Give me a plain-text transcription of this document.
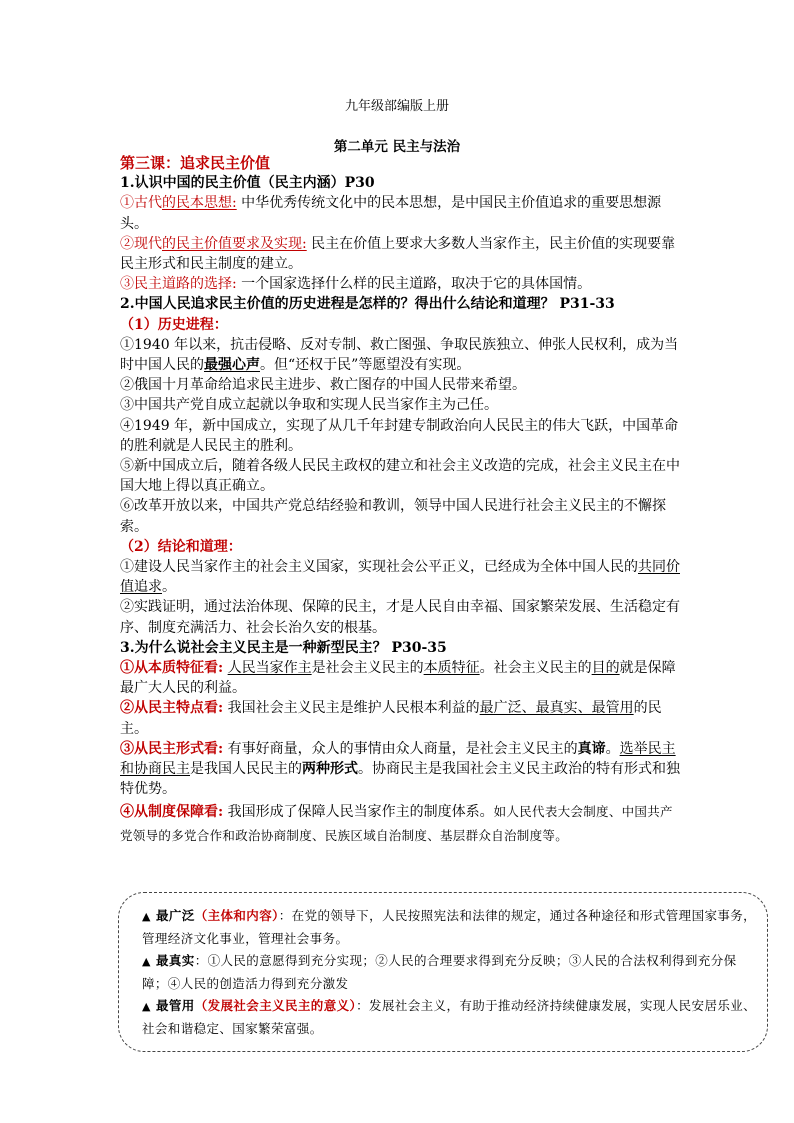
九年级部编版上册
第二单元 民主与法治

第三课：追求民主价值

1.认识中国的民主价值（民主内涵）P30

①古代的民本思想: 中华优秀传统文化中的民本思想，是中国民主价值追求的重要思想源头。

②现代的民主价值要求及实现: 民主在价值上要求大多数人当家作主，民主价值的实现要靠民主形式和民主制度的建立。

③民主道路的选择: 一个国家选择什么样的民主道路，取决于它的具体国情。

2.中国人民追求民主价值的历史进程是怎样的？得出什么结论和道理？ P31-33

（1）历史进程：

①1940 年以来，抗击侵略、反对专制、救亡图强、争取民族独立、伸张人民权利，成为当时中国人民的最强心声。但“还权于民”等愿望没有实现。

②俄国十月革命给追求民主进步、救亡图存的中国人民带来希望。

③中国共产党自成立起就以争取和实现人民当家作主为己任。

④1949 年，新中国成立，实现了从几千年封建专制政治向人民民主的伟大飞跃，中国革命的胜利就是人民民主的胜利。

⑤新中国成立后，随着各级人民民主政权的建立和社会主义改造的完成，社会主义民主在中国大地上得以真正确立。

⑥改革开放以来，中国共产党总结经验和教训，领导中国人民进行社会主义民主的不懈探索。

（2）结论和道理：

①建设人民当家作主的社会主义国家，实现社会公平正义，已经成为全体中国人民的共同价值追求。

②实践证明，通过法治体现、保障的民主，才是人民自由幸福、国家繁荣发展、生活稳定有序、制度充满活力、社会长治久安的根基。

3.为什么说社会主义民主是一种新型民主？ P30-35

①从本质特征看: 人民当家作主是社会主义民主的本质特征。社会主义民主的目的就是保障最广大人民的利益。

②从民主特点看: 我国社会主义民主是维护人民根本利益的最广泛、最真实、最管用的民主。

③从民主形式看: 有事好商量，众人的事情由众人商量，是社会主义民主的真谛。选举民主和协商民主是我国人民民主的两种形式。协商民主是我国社会主义民主政治的特有形式和独特优势。

④从制度保障看: 我国形成了保障人民当家作主的制度体系。如人民代表大会制度、中国共产党领导的多党合作和政治协商制度、民族区域自治制度、基层群众自治制度等。

▲ 最广泛（主体和内容）：在党的领导下，人民按照宪法和法律的规定，通过各种途径和形式管理国家事务，管理经济文化事业，管理社会事务。

▲ 最真实：①人民的意愿得到充分实现；②人民的合理要求得到充分反映；③人民的合法权利得到充分保障；④人民的创造活力得到充分激发

▲ 最管用（发展社会主义民主的意义）：发展社会主义，有助于推动经济持续健康发展，实现人民安居乐业、社会和谐稳定、国家繁荣富强。
